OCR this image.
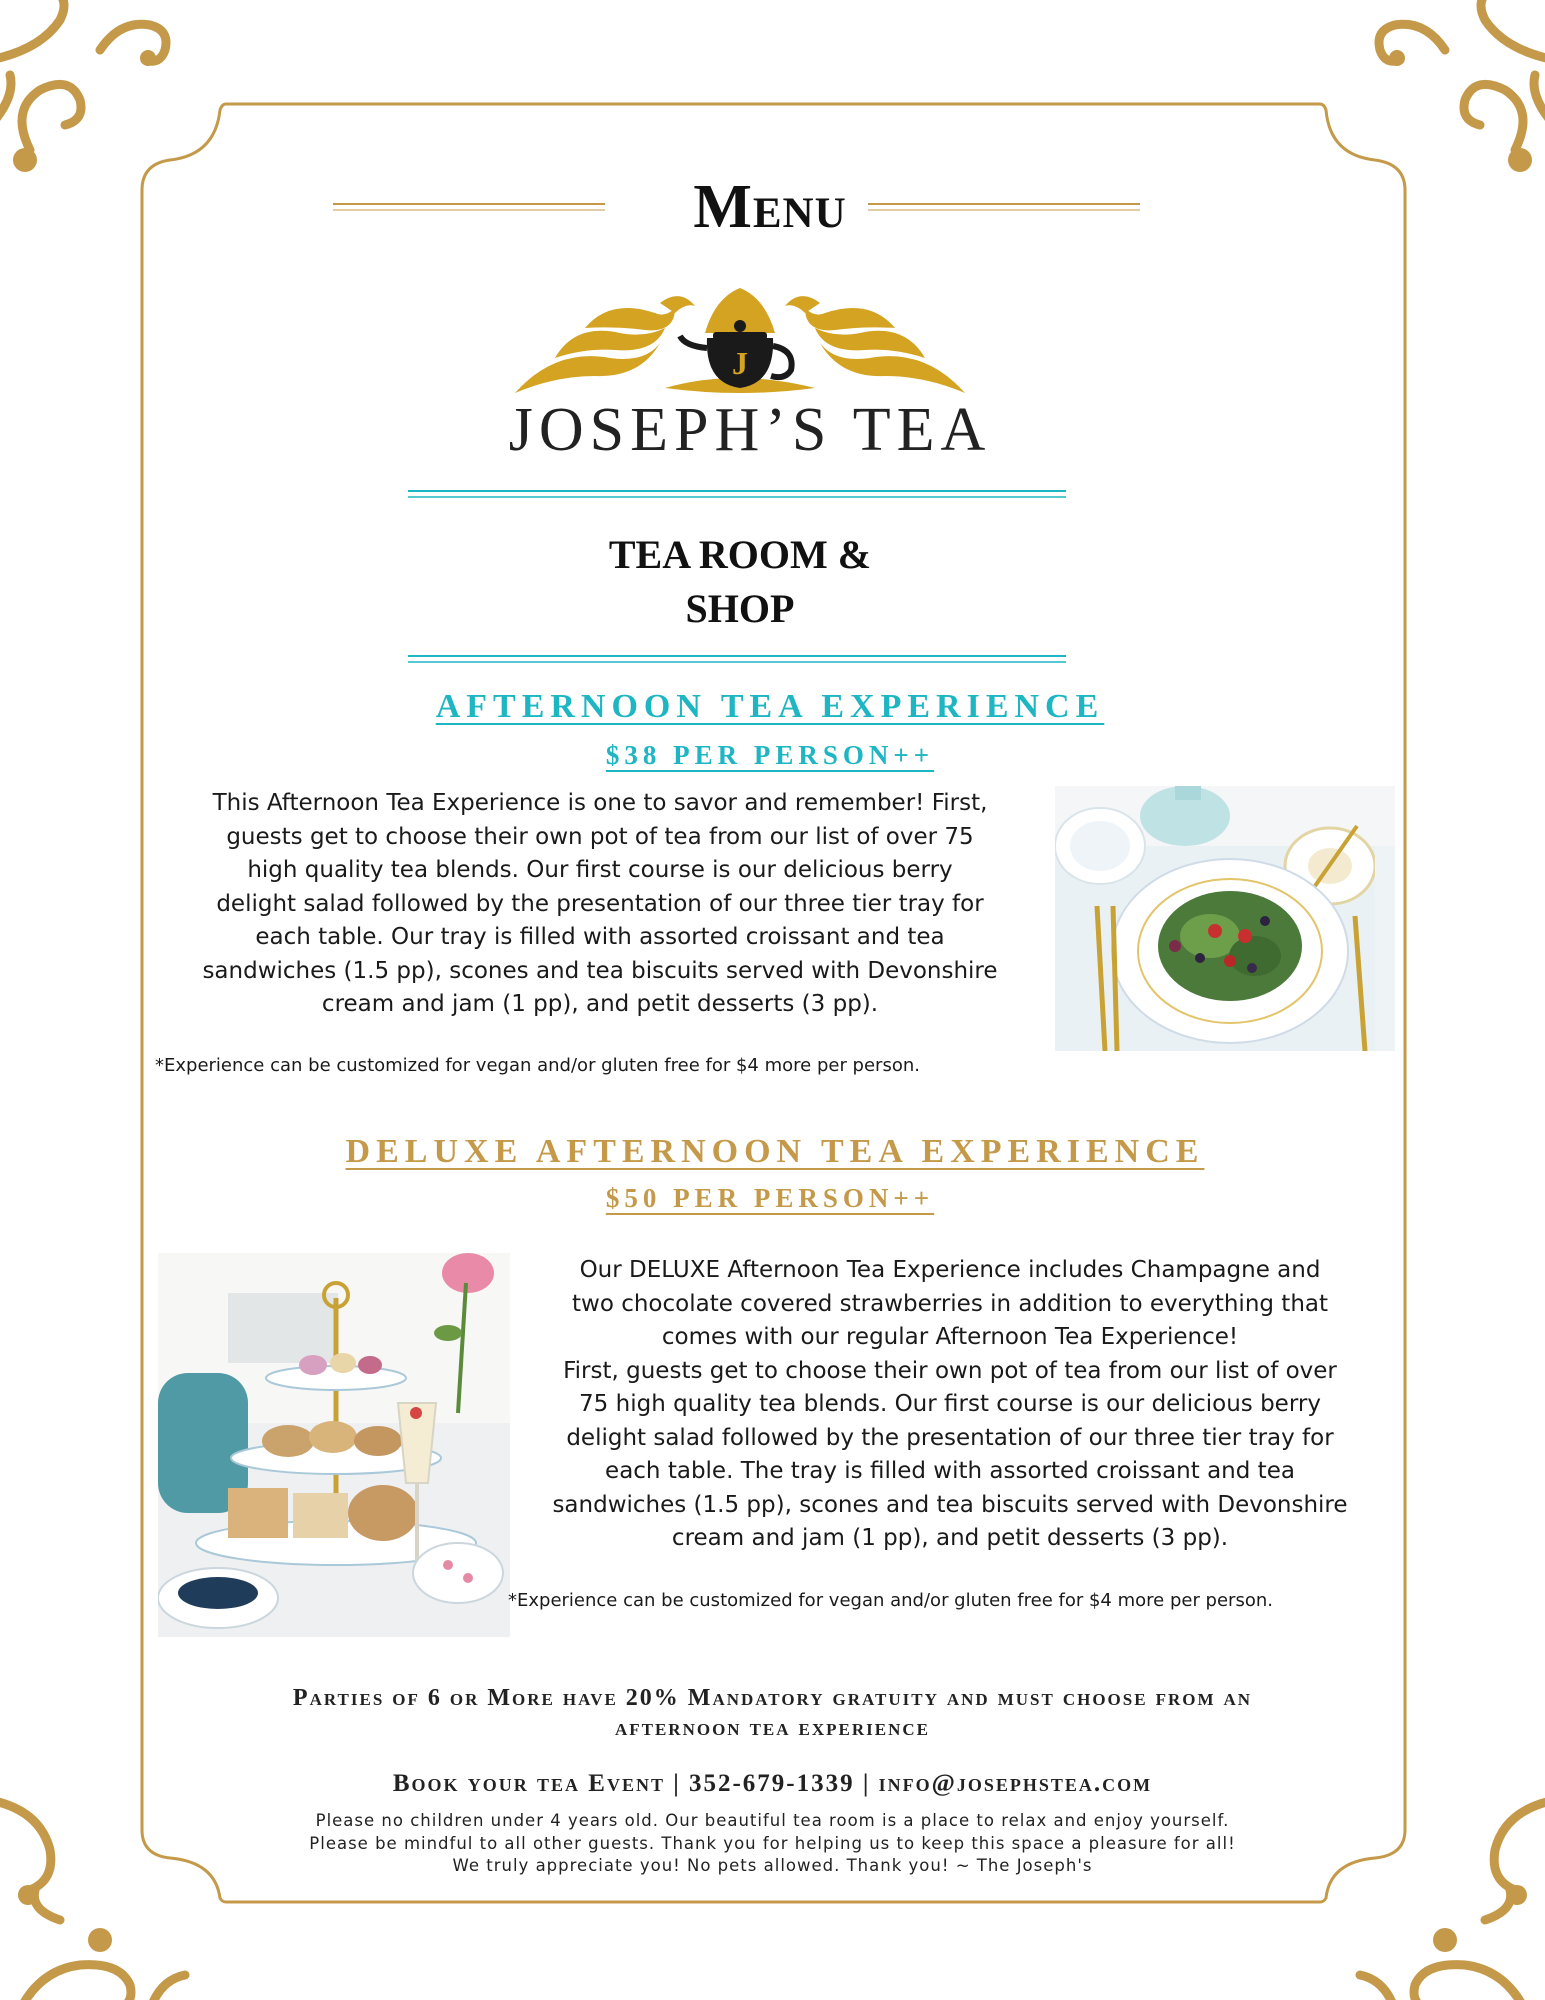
Menu
J
JOSEPH’S TEA
TEA ROOM &
SHOP
AFTERNOON TEA EXPERIENCE
$38 PER PERSON++
This Afternoon Tea Experience is one to savor and remember! First,
guests get to choose their own pot of tea from our list of over 75
high quality tea blends. Our first course is our delicious berry
delight salad followed by the presentation of our three tier tray for
each table. Our tray is filled with assorted croissant and tea
sandwiches (1.5 pp), scones and tea biscuits served with Devonshire
cream and jam (1 pp), and petit desserts (3 pp).
*Experience can be customized for vegan and/or gluten free for $4 more per person.
DELUXE AFTERNOON TEA EXPERIENCE
$50 PER PERSON++
Our DELUXE Afternoon Tea Experience includes Champagne and
two chocolate covered strawberries in addition to everything that
comes with our regular Afternoon Tea Experience!
First, guests get to choose their own pot of tea from our list of over
75 high quality tea blends. Our first course is our delicious berry
delight salad followed by the presentation of our three tier tray for
each table. The tray is filled with assorted croissant and tea
sandwiches (1.5 pp), scones and tea biscuits served with Devonshire
cream and jam (1 pp), and petit desserts (3 pp).
*Experience can be customized for vegan and/or gluten free for $4 more per person.
Parties of 6 or More have 20% Mandatory gratuity and must choose from an
afternoon tea experience
Book your tea Event | 352-679-1339 | info@josephstea.com
Please no children under 4 years old. Our beautiful tea room is a place to relax and enjoy yourself.
Please be mindful to all other guests. Thank you for helping us to keep this space a pleasure for all!
We truly appreciate you! No pets allowed. Thank you! ~ The Joseph's
